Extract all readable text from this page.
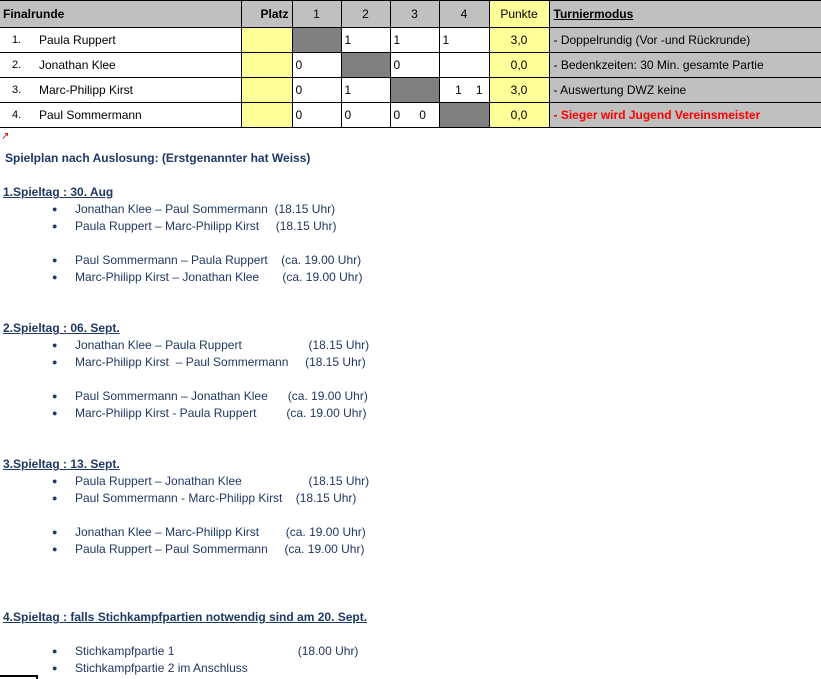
Finalrunde	Platz	1	2	3	4	Punkte	Turniermodus

1. Paula Ruppert			1	1	1	3,0	- Doppelrundig (Vor -und Rückrunde)

2. Jonathan Klee		0		0		0,0	- Bedenkzeiten: 30 Min. gesamte Partie

3. Marc-Philipp Kirst		0	1		1 1	3,0	- Auswertung DWZ keine

4. Paul Sommermann		0	0	0 0		0,0	- Sieger wird Jugend Vereinsmeister
↗
Spielplan nach Auslosung: (Erstgenannter hat Weiss)
1.Spieltag : 30. Aug
● Jonathan Klee – Paul Sommermann  (18.15 Uhr)
● Paula Ruppert – Marc-Philipp Kirst     (18.15 Uhr)
● Paul Sommermann – Paula Ruppert    (ca. 19.00 Uhr)
● Marc-Philipp Kirst – Jonathan Klee       (ca. 19.00 Uhr)
2.Spieltag : 06. Sept.
● Jonathan Klee – Paula Ruppert                    (18.15 Uhr)
● Marc-Philipp Kirst  – Paul Sommermann     (18.15 Uhr)
● Paul Sommermann – Jonathan Klee      (ca. 19.00 Uhr)
● Marc-Philipp Kirst - Paula Ruppert         (ca. 19.00 Uhr)
3.Spieltag : 13. Sept.
● Paula Ruppert – Jonathan Klee                    (18.15 Uhr)
● Paul Sommermann - Marc-Philipp Kirst    (18.15 Uhr)
● Jonathan Klee – Marc-Philipp Kirst        (ca. 19.00 Uhr)
● Paula Ruppert – Paul Sommermann     (ca. 19.00 Uhr)
4.Spieltag : falls Stichkampfpartien notwendig sind am 20. Sept.
● Stichkampfpartie 1                                     (18.00 Uhr)
● Stichkampfpartie 2 im Anschluss
